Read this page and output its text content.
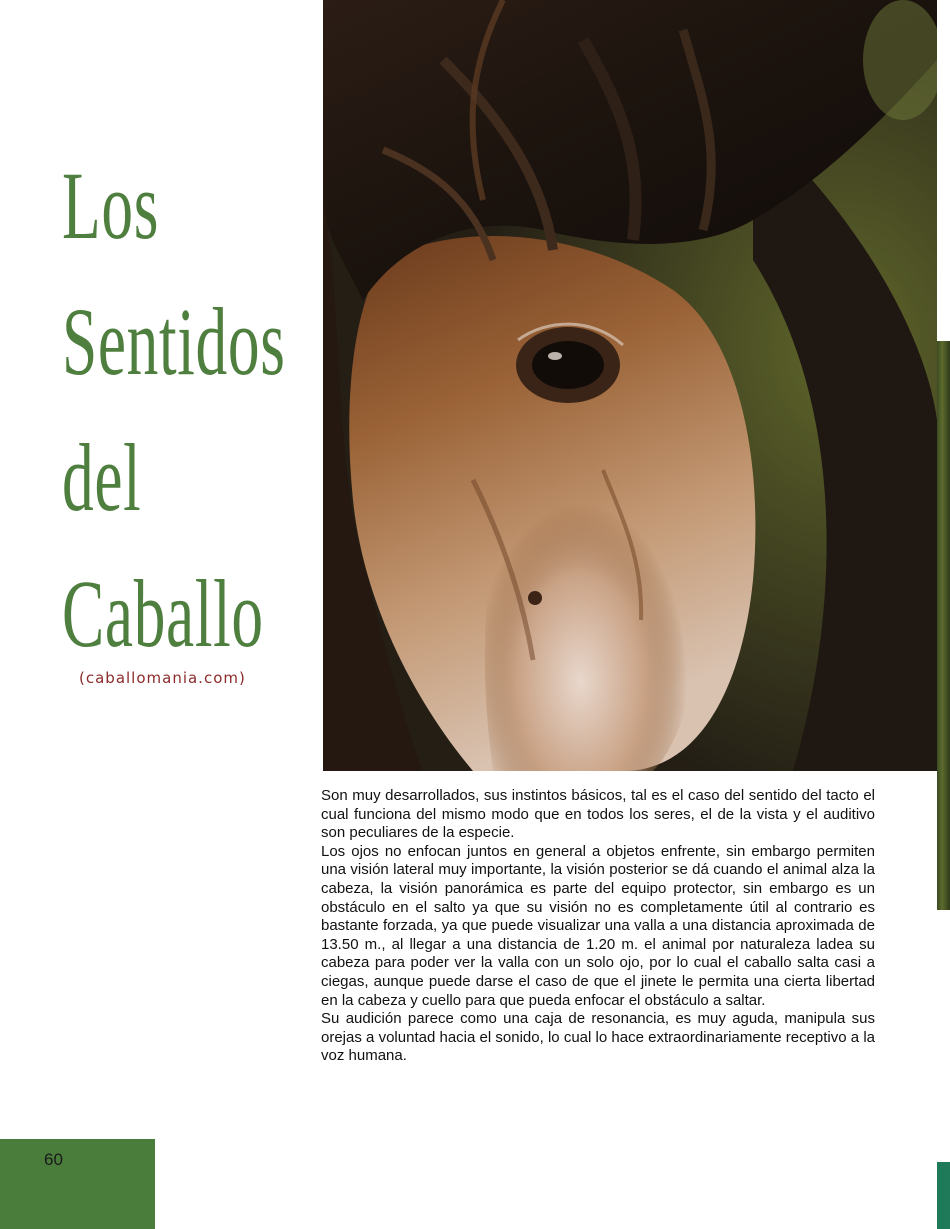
Los
Sentidos
del
Caballo
(caballomania.com)

Son muy desarrollados, sus instintos básicos, tal es el caso del sentido del tacto el cual funciona del mismo modo que en todos los seres, el de la vista y el auditivo son peculiares de la especie.

Los ojos no enfocan juntos en general a objetos enfrente, sin embargo permiten una visión lateral muy importante, la visión posterior se dá cuando el animal alza la cabeza, la visión panorámica es parte del equipo protector, sin embargo es un obstáculo en el salto ya que su visión no es completamente útil al contrario es bastante forzada, ya que puede visualizar una valla a una distancia aproximada de 13.50 m., al llegar a una distancia de 1.20 m. el animal por naturaleza ladea su cabeza para poder ver la valla con un solo ojo, por lo cual el caballo salta casi a ciegas, aunque puede darse el caso de que el jinete le permita una cierta libertad en la cabeza y cuello para que pueda enfocar el obstáculo a saltar.

Su audición parece como una caja de resonancia, es muy aguda, manipula sus orejas a voluntad hacia el sonido, lo cual lo hace extraordinariamente receptivo a la voz humana.

60
